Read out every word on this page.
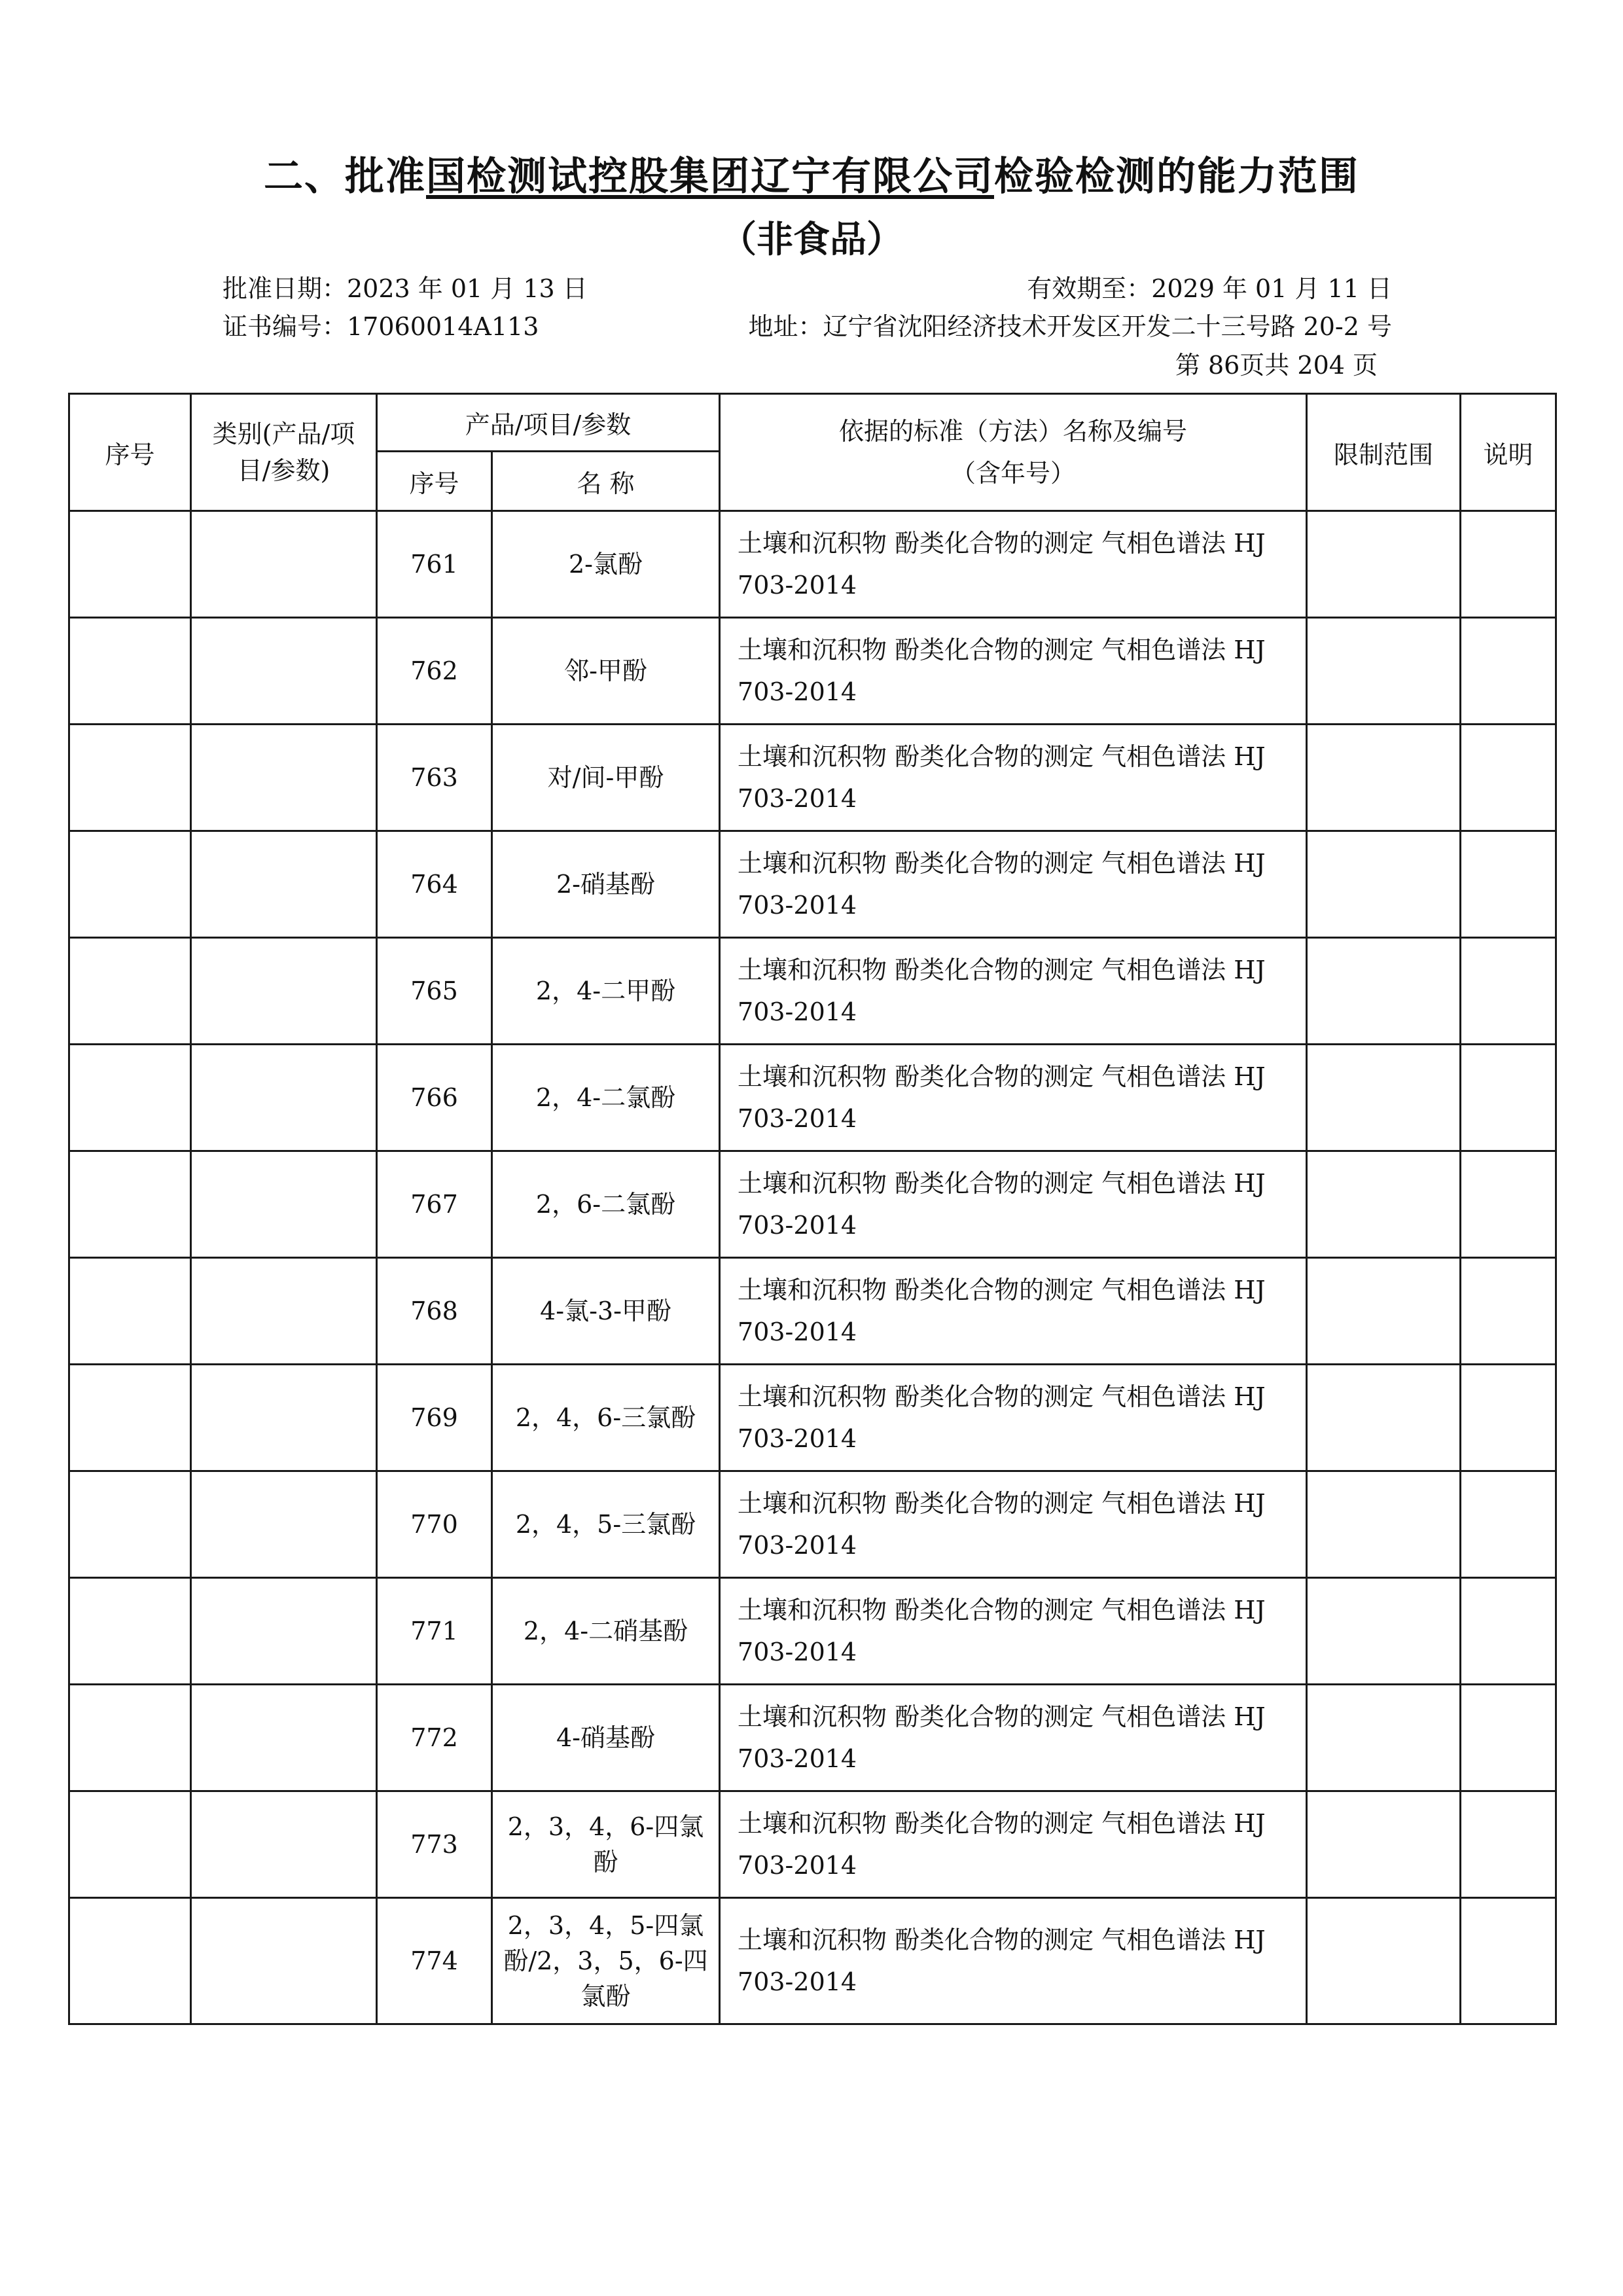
二、批准国检测试控股集团辽宁有限公司检验检测的能力范围
（非食品）
批准日期：2023 年 01 月 13 日	有效期至：2029 年 01 月 11 日
证书编号：17060014A113	地址：辽宁省沈阳经济技术开发区开发二十三号路 20-2 号
第 86页共 204 页
序号	类别(产品/项目/参数)	产品/项目/参数		依据的标准（方法）名称及编号（含年号）	限制范围	说明
		序号	名 称			
		761	2-氯酚	土壤和沉积物 酚类化合物的测定 气相色谱法 HJ 703-2014		
		762	邻-甲酚	土壤和沉积物 酚类化合物的测定 气相色谱法 HJ 703-2014		
		763	对/间-甲酚	土壤和沉积物 酚类化合物的测定 气相色谱法 HJ 703-2014		
		764	2-硝基酚	土壤和沉积物 酚类化合物的测定 气相色谱法 HJ 703-2014		
		765	2，4-二甲酚	土壤和沉积物 酚类化合物的测定 气相色谱法 HJ 703-2014		
		766	2，4-二氯酚	土壤和沉积物 酚类化合物的测定 气相色谱法 HJ 703-2014		
		767	2，6-二氯酚	土壤和沉积物 酚类化合物的测定 气相色谱法 HJ 703-2014		
		768	4-氯-3-甲酚	土壤和沉积物 酚类化合物的测定 气相色谱法 HJ 703-2014		
		769	2，4，6-三氯酚	土壤和沉积物 酚类化合物的测定 气相色谱法 HJ 703-2014		
		770	2，4，5-三氯酚	土壤和沉积物 酚类化合物的测定 气相色谱法 HJ 703-2014		
		771	2，4-二硝基酚	土壤和沉积物 酚类化合物的测定 气相色谱法 HJ 703-2014		
		772	4-硝基酚	土壤和沉积物 酚类化合物的测定 气相色谱法 HJ 703-2014		
		773	2，3，4，6-四氯酚	土壤和沉积物 酚类化合物的测定 气相色谱法 HJ 703-2014		
		774	2，3，4，5-四氯酚/2，3，5，6-四氯酚	土壤和沉积物 酚类化合物的测定 气相色谱法 HJ 703-2014		
